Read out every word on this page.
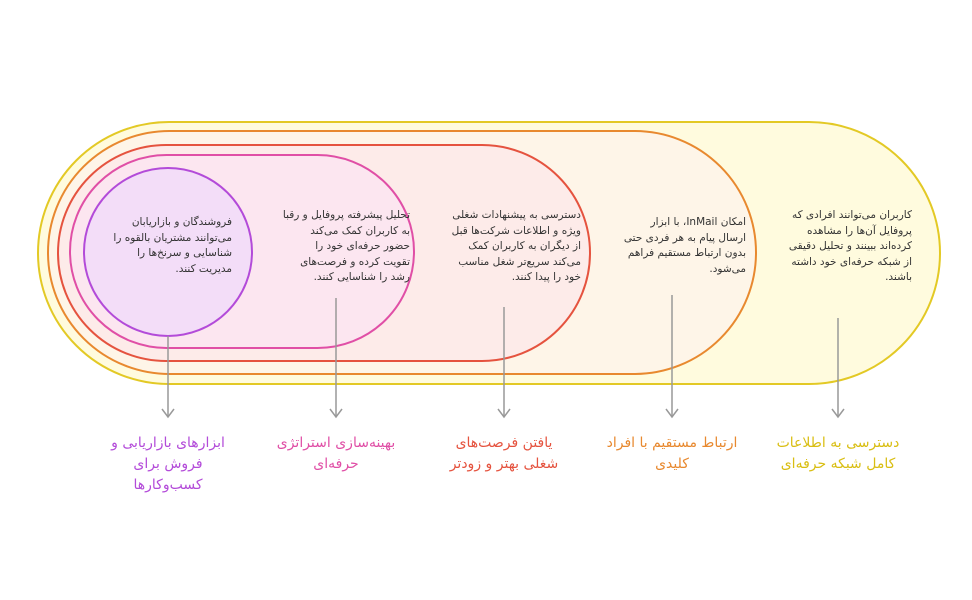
کاربران می‌توانند افرادی که
پروفایل آن‌ها را مشاهده
کرده‌اند ببینند و تحلیل دقیقی
از شبکه حرفه‌ای خود داشته
باشند.
امکان InMail، با ابزار
ارسال پیام به هر فردی حتی
بدون ارتباط مستقیم فراهم
می‌شود.
دسترسی به پیشنهادات شغلی
ویژه و اطلاعات شرکت‌ها قبل
از دیگران به کاربران کمک
می‌کند سریع‌تر شغل مناسب
خود را پیدا کنند.
تحلیل پیشرفته پروفایل و رقبا
به کاربران کمک می‌کند
حضور حرفه‌ای خود را
تقویت کرده و فرصت‌های
رشد را شناسایی کنند.
فروشندگان و بازاریابان
می‌توانند مشتریان بالقوه را
شناسایی و سرنخ‌ها را
مدیریت کنند.
دسترسی به اطلاعات
کامل شبکه حرفه‌ای
ارتباط مستقیم با افراد
کلیدی
یافتن فرصت‌های
شغلی بهتر و زودتر
بهینه‌سازی استراتژی
حرفه‌ای
ابزارهای بازاریابی و
فروش برای
کسب‌وکارها
